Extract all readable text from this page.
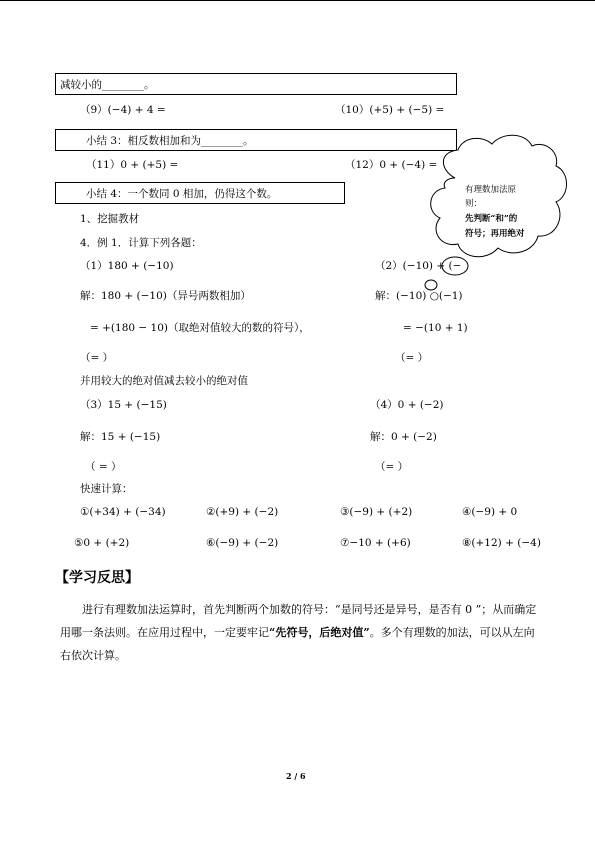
减较小的________。
（9）(−4) + 4 =	（10）(+5) + (−5) =
小结 3：相反数相加和为________。
（11）0 + (+5) =	（12）0 + (−4) =
小结 4：一个数同 0 相加，仍得这个数。	有理数加法原
则：
先判断“和”的
符号；再用绝对
1、挖掘教材
4．例 1．计算下列各题：
（1）180 + (−10)	（2）(−10) + (−
解：180 + (−10)（异号两数相加）	解：(−10) ○(−1)
= +(180 − 10)（取绝对值较大的数的符号），	= −(10 + 1)
（= ）	（= ）
并用较大的绝对值减去较小的绝对值
（3）15 + (−15)	（4）0 + (−2)
解：15 + (−15)	解：0 + (−2)
（ = ）	（= ）
快速计算：
①(+34) + (−34)	②(+9) + (−2)	③(−9) + (+2)	④(−9) + 0
⑤0 + (+2)	⑥(−9) + (−2)	⑦−10 + (+6)	⑧(+12) + (−4)
【学习反思】
进行有理数加法运算时，首先判断两个加数的符号：“是同号还是异号，是否有 0 ”；从而确定用哪一条法则。在应用过程中，一定要牢记“先符号，后绝对值”。多个有理数的加法，可以从左向右依次计算。
2 / 6
